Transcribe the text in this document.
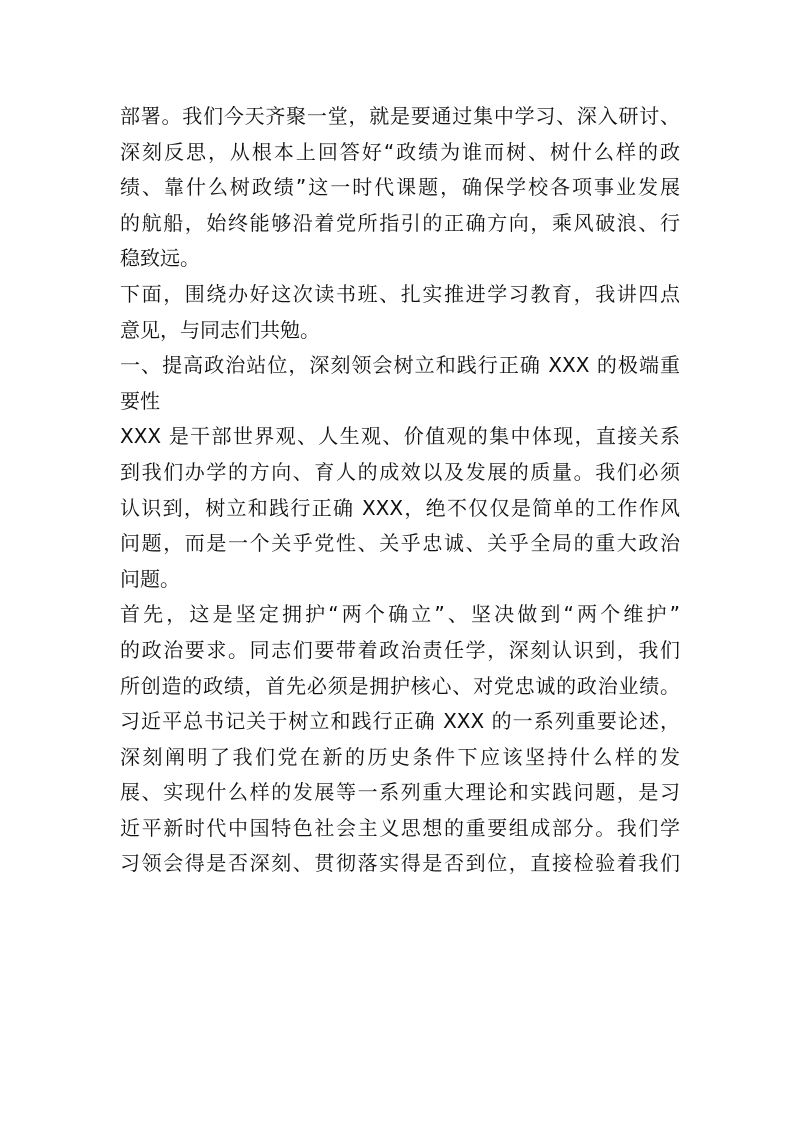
部署。我们今天齐聚一堂，就是要通过集中学习、深入研讨、
深刻反思，从根本上回答好“政绩为谁而树、树什么样的政
绩、靠什么树政绩”这一时代课题，确保学校各项事业发展
的航船，始终能够沿着党所指引的正确方向，乘风破浪、行
稳致远。
下面，围绕办好这次读书班、扎实推进学习教育，我讲四点
意见，与同志们共勉。
一、提高政治站位，深刻领会树立和践行正确 XXX 的极端重
要性
XXX 是干部世界观、人生观、价值观的集中体现，直接关系
到我们办学的方向、育人的成效以及发展的质量。我们必须
认识到，树立和践行正确 XXX，绝不仅仅是简单的工作作风
问题，而是一个关乎党性、关乎忠诚、关乎全局的重大政治
问题。
首先，这是坚定拥护“两个确立”、坚决做到“两个维护”
的政治要求。同志们要带着政治责任学，深刻认识到，我们
所创造的政绩，首先必须是拥护核心、对党忠诚的政治业绩。
习近平总书记关于树立和践行正确 XXX 的一系列重要论述，
深刻阐明了我们党在新的历史条件下应该坚持什么样的发
展、实现什么样的发展等一系列重大理论和实践问题，是习
近平新时代中国特色社会主义思想的重要组成部分。我们学
习领会得是否深刻、贯彻落实得是否到位，直接检验着我们
